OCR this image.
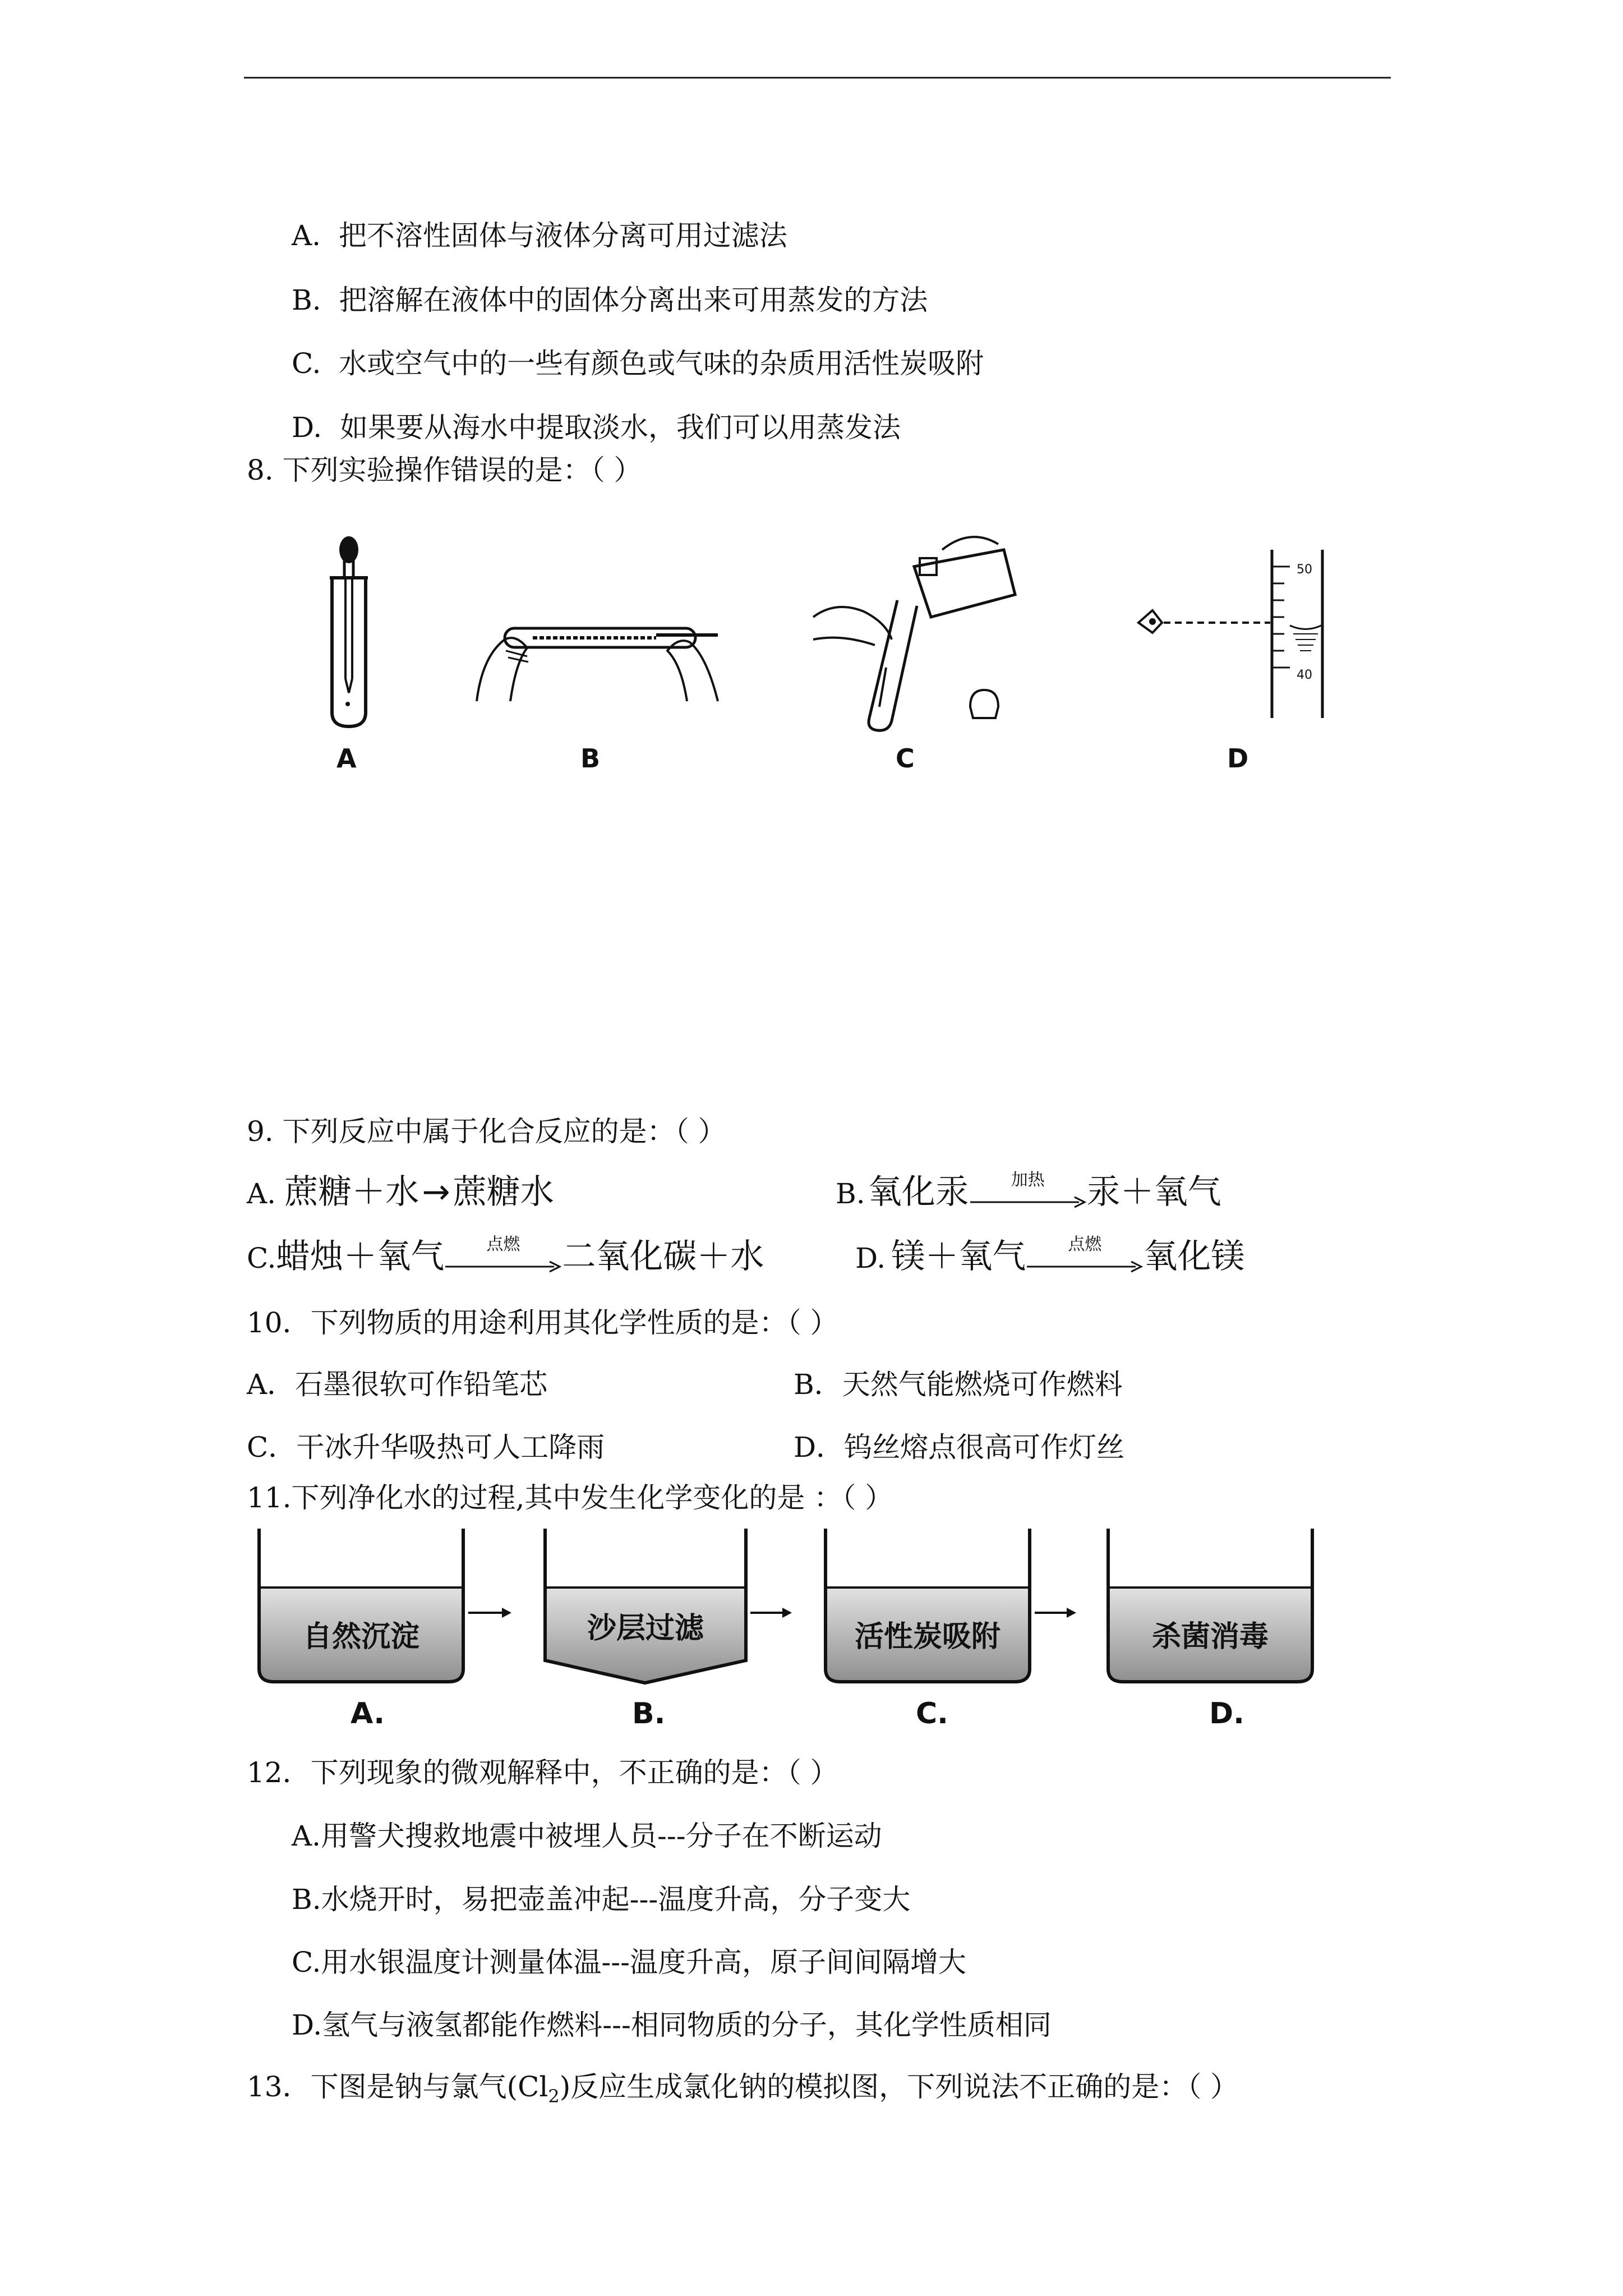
A. 把不溶性固体与液体分离可用过滤法
B. 把溶解在液体中的固体分离出来可用蒸发的方法
C. 水或空气中的一些有颜色或气味的杂质用活性炭吸附
D. 如果要从海水中提取淡水，我们可以用蒸发法
8. 下列实验操作错误的是：（ ）
A	B	C
50
40
D
9. 下列反应中属于化合反应的是：（ ）
A. 蔗糖＋水 → 蔗糖水	B. 氧化汞	加热	汞＋氧气
C.蜡烛＋氧气	点燃	二氧化碳＋水	D. 镁＋氧气	点燃	氧化镁
10．下列物质的用途利用其化学性质的是：（ ）
A．石墨很软可作铅笔芯	B．天然气能燃烧可作燃料
C．干冰升华吸热可人工降雨	D．钨丝熔点很高可作灯丝
11.下列净化水的过程,其中发生化学变化的是 ：（ ）
自然沉淀	沙层过滤	活性炭吸附	杀菌消毒
A.	B.	C.	D.
12．下列现象的微观解释中，不正确的是：（ ）
A.用警犬搜救地震中被埋人员---分子在不断运动
B.水烧开时，易把壶盖冲起---温度升高，分子变大
C.用水银温度计测量体温---温度升高，原子间间隔增大
D.氢气与液氢都能作燃料---相同物质的分子，其化学性质相同
13．下图是钠与氯气$(Cl_2)$反应生成氯化钠的模拟图，下列说法不正确的是：（ ）
